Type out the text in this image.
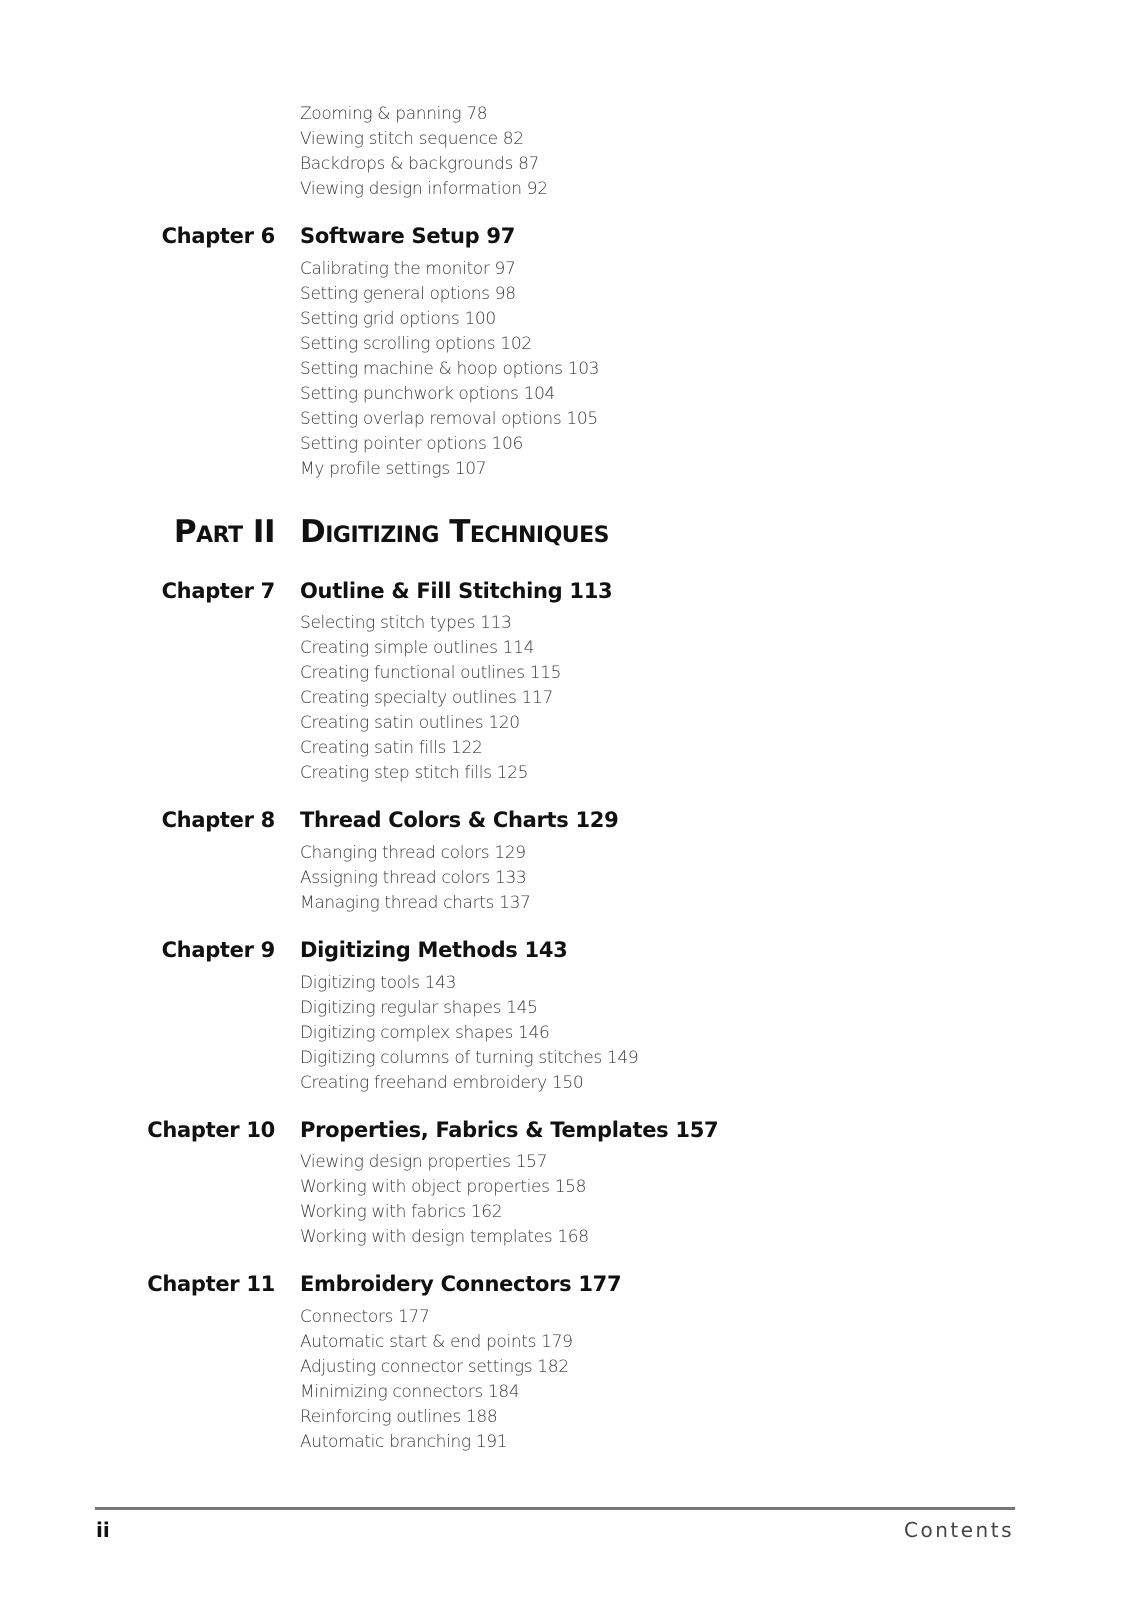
Zooming & panning 78
Viewing stitch sequence 82
Backdrops & backgrounds 87
Viewing design information 92
Chapter 6 Software Setup 97
Calibrating the monitor 97
Setting general options 98
Setting grid options 100
Setting scrolling options 102
Setting machine & hoop options 103
Setting punchwork options 104
Setting overlap removal options 105
Setting pointer options 106
My profile settings 107
Part II Digitizing Techniques
Chapter 7 Outline & Fill Stitching 113
Selecting stitch types 113
Creating simple outlines 114
Creating functional outlines 115
Creating specialty outlines 117
Creating satin outlines 120
Creating satin fills 122
Creating step stitch fills 125
Chapter 8 Thread Colors & Charts 129
Changing thread colors 129
Assigning thread colors 133
Managing thread charts 137
Chapter 9 Digitizing Methods 143
Digitizing tools 143
Digitizing regular shapes 145
Digitizing complex shapes 146
Digitizing columns of turning stitches 149
Creating freehand embroidery 150
Chapter 10 Properties, Fabrics & Templates 157
Viewing design properties 157
Working with object properties 158
Working with fabrics 162
Working with design templates 168
Chapter 11 Embroidery Connectors 177
Connectors 177
Automatic start & end points 179
Adjusting connector settings 182
Minimizing connectors 184
Reinforcing outlines 188
Automatic branching 191
ii	Contents
